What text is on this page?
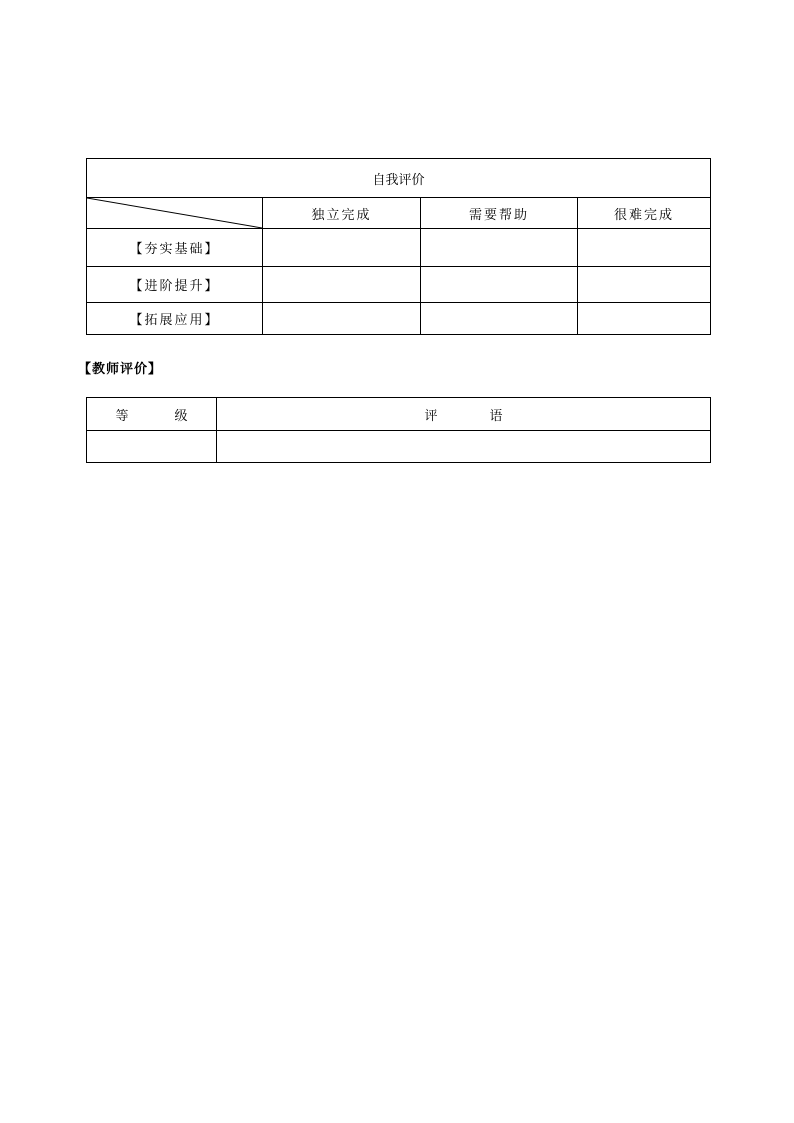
自我评价			

	独立完成	需要帮助	很难完成
【夯实基础】			
【进阶提升】			
【拓展应用】			
【教师评价】
等 级	评 语
